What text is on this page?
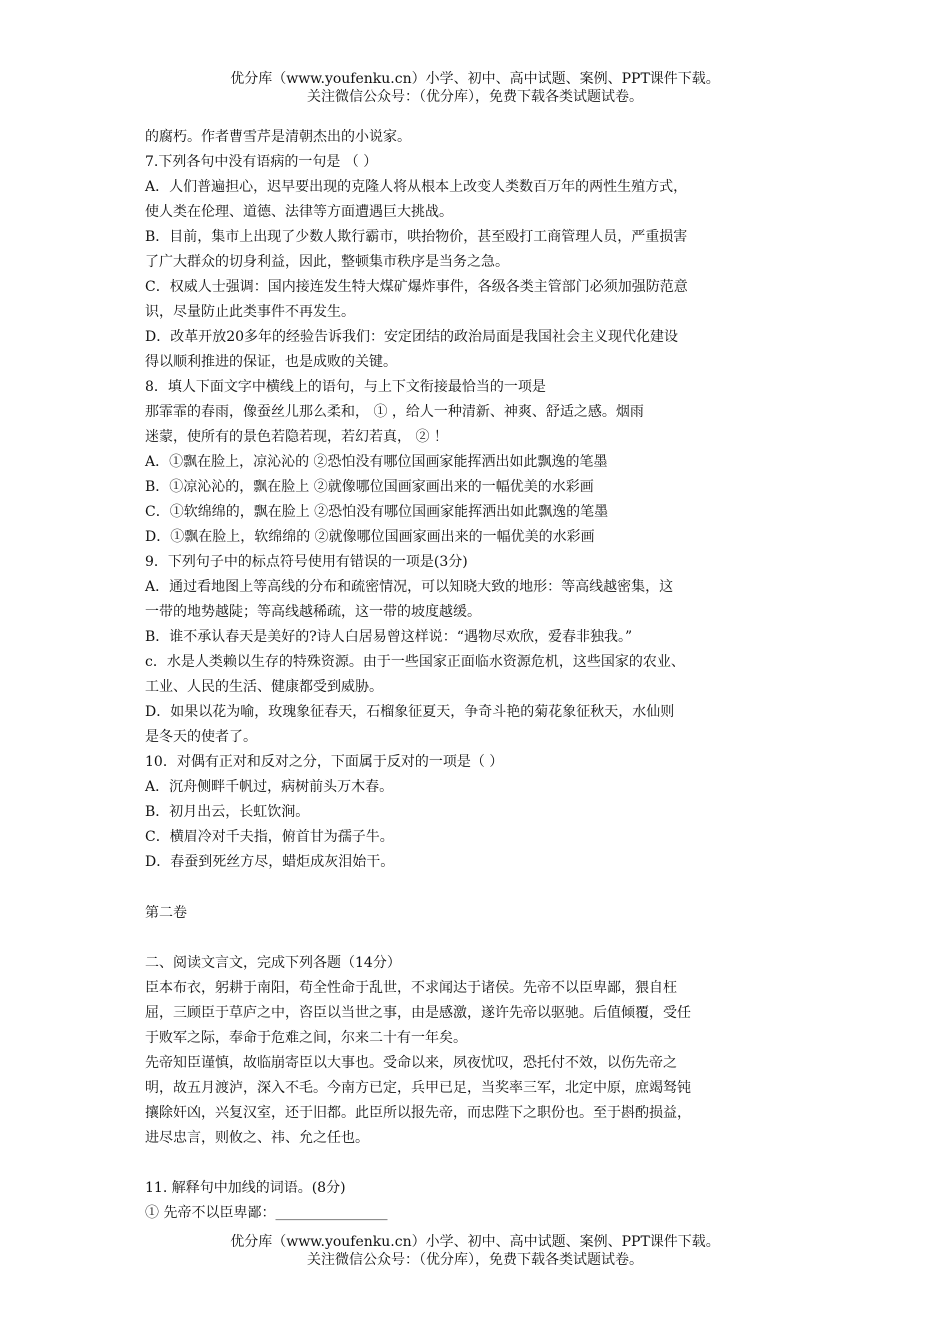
优分库（www.youfenku.cn）小学、初中、高中试题、案例、PPT课件下载。
关注微信公众号：（优分库），免费下载各类试题试卷。
的腐朽。作者曹雪芹是清朝杰出的小说家。
7.下列各句中没有语病的一句是 （ ）
A．人们普遍担心，迟早要出现的克隆人将从根本上改变人类数百万年的两性生殖方式，
使人类在伦理、道德、法律等方面遭遇巨大挑战。
B．目前，集市上出现了少数人欺行霸市，哄抬物价，甚至殴打工商管理人员，严重损害
了广大群众的切身利益，因此，整顿集市秩序是当务之急。
C．权威人士强调：国内接连发生特大煤矿爆炸事件，各级各类主管部门必须加强防范意
识，尽量防止此类事件不再发生。
D．改革开放20多年的经验告诉我们：安定团结的政治局面是我国社会主义现代化建设
得以顺利推进的保证，也是成败的关键。
8．填人下面文字中横线上的语句，与上下文衔接最恰当的一项是
那霏霏的春雨，像蚕丝儿那么柔和， ① ，给人一种清新、神爽、舒适之感。烟雨
迷蒙，使所有的景色若隐若现，若幻若真， ② ！
A．①飘在脸上，凉沁沁的 ②恐怕没有哪位国画家能挥洒出如此飘逸的笔墨
B．①凉沁沁的，飘在脸上 ②就像哪位国画家画出来的一幅优美的水彩画
C．①软绵绵的，飘在脸上 ②恐怕没有哪位国画家能挥洒出如此飘逸的笔墨
D．①飘在脸上，软绵绵的 ②就像哪位国画家画出来的一幅优美的水彩画
9．下列句子中的标点符号使用有错误的一项是(3分)
A．通过看地图上等高线的分布和疏密情况，可以知晓大致的地形：等高线越密集，这
一带的地势越陡；等高线越稀疏，这一带的坡度越缓。
B．谁不承认春天是美好的?诗人白居易曾这样说：“遇物尽欢欣，爱春非独我。”
c．水是人类赖以生存的特殊资源。由于一些国家正面临水资源危机，这些国家的农业、
工业、人民的生活、健康都受到威胁。
D．如果以花为喻，玫瑰象征春天，石榴象征夏天，争奇斗艳的菊花象征秋天，水仙则
是冬天的使者了。
10．对偶有正对和反对之分，下面属于反对的一项是（ ）
A．沉舟侧畔千帆过，病树前头万木春。
B．初月出云，长虹饮涧。
C．横眉冷对千夫指，俯首甘为孺子牛。
D．春蚕到死丝方尽，蜡炬成灰泪始干。
第二卷
二、阅读文言文，完成下列各题（14分）
臣本布衣，躬耕于南阳，苟全性命于乱世，不求闻达于诸侯。先帝不以臣卑鄙，猥自枉
屈，三顾臣于草庐之中，咨臣以当世之事，由是感激，遂许先帝以驱驰。后值倾覆，受任
于败军之际，奉命于危难之间，尔来二十有一年矣。
先帝知臣谨慎，故临崩寄臣以大事也。受命以来，夙夜忧叹，恐托付不效，以伤先帝之
明，故五月渡泸，深入不毛。今南方已定，兵甲已足，当奖率三军，北定中原，庶竭驽钝
攘除奸凶，兴复汉室，还于旧都。此臣所以报先帝，而忠陛下之职份也。至于斟酌损益，
进尽忠言，则攸之、祎、允之任也。
11. 解释句中加线的词语。(8分)
① 先帝不以臣卑鄙：________________
优分库（www.youfenku.cn）小学、初中、高中试题、案例、PPT课件下载。
关注微信公众号：（优分库），免费下载各类试题试卷。
